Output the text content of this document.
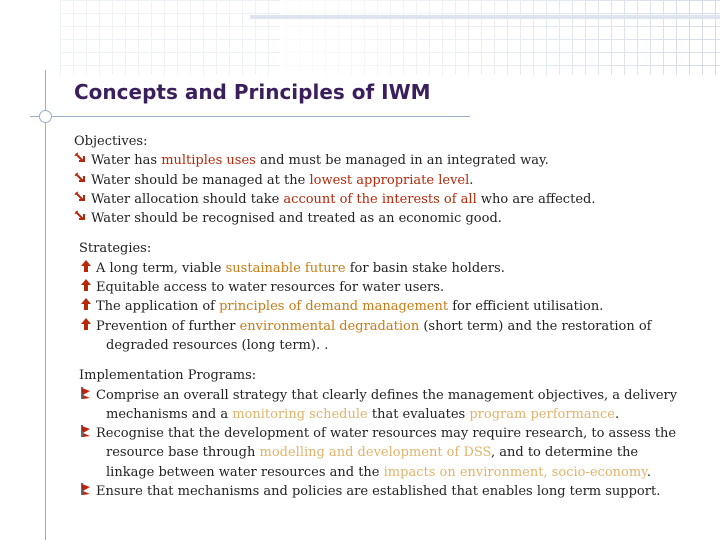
Concepts and Principles of IWM
Objectives:
Water has multiples uses and must be managed in an integrated way.
Water should be managed at the lowest appropriate level.
Water allocation should take account of the interests of all who are affected.
Water should be recognised and treated as an economic good.
Strategies:
A long term, viable sustainable future for basin stake holders.
Equitable access to water resources for water users.
The application of principles of demand management for efficient utilisation.
Prevention of further environmental degradation (short term) and the restoration of
degraded resources (long term). .
Implementation Programs:
Comprise an overall strategy that clearly defines the management objectives, a delivery
mechanisms and a monitoring schedule that evaluates program performance.
Recognise that the development of water resources may require research, to assess the
resource base through modelling and development of DSS, and to determine the
linkage between water resources and the impacts on environment, socio-economy.
Ensure that mechanisms and policies are established that enables long term support.
